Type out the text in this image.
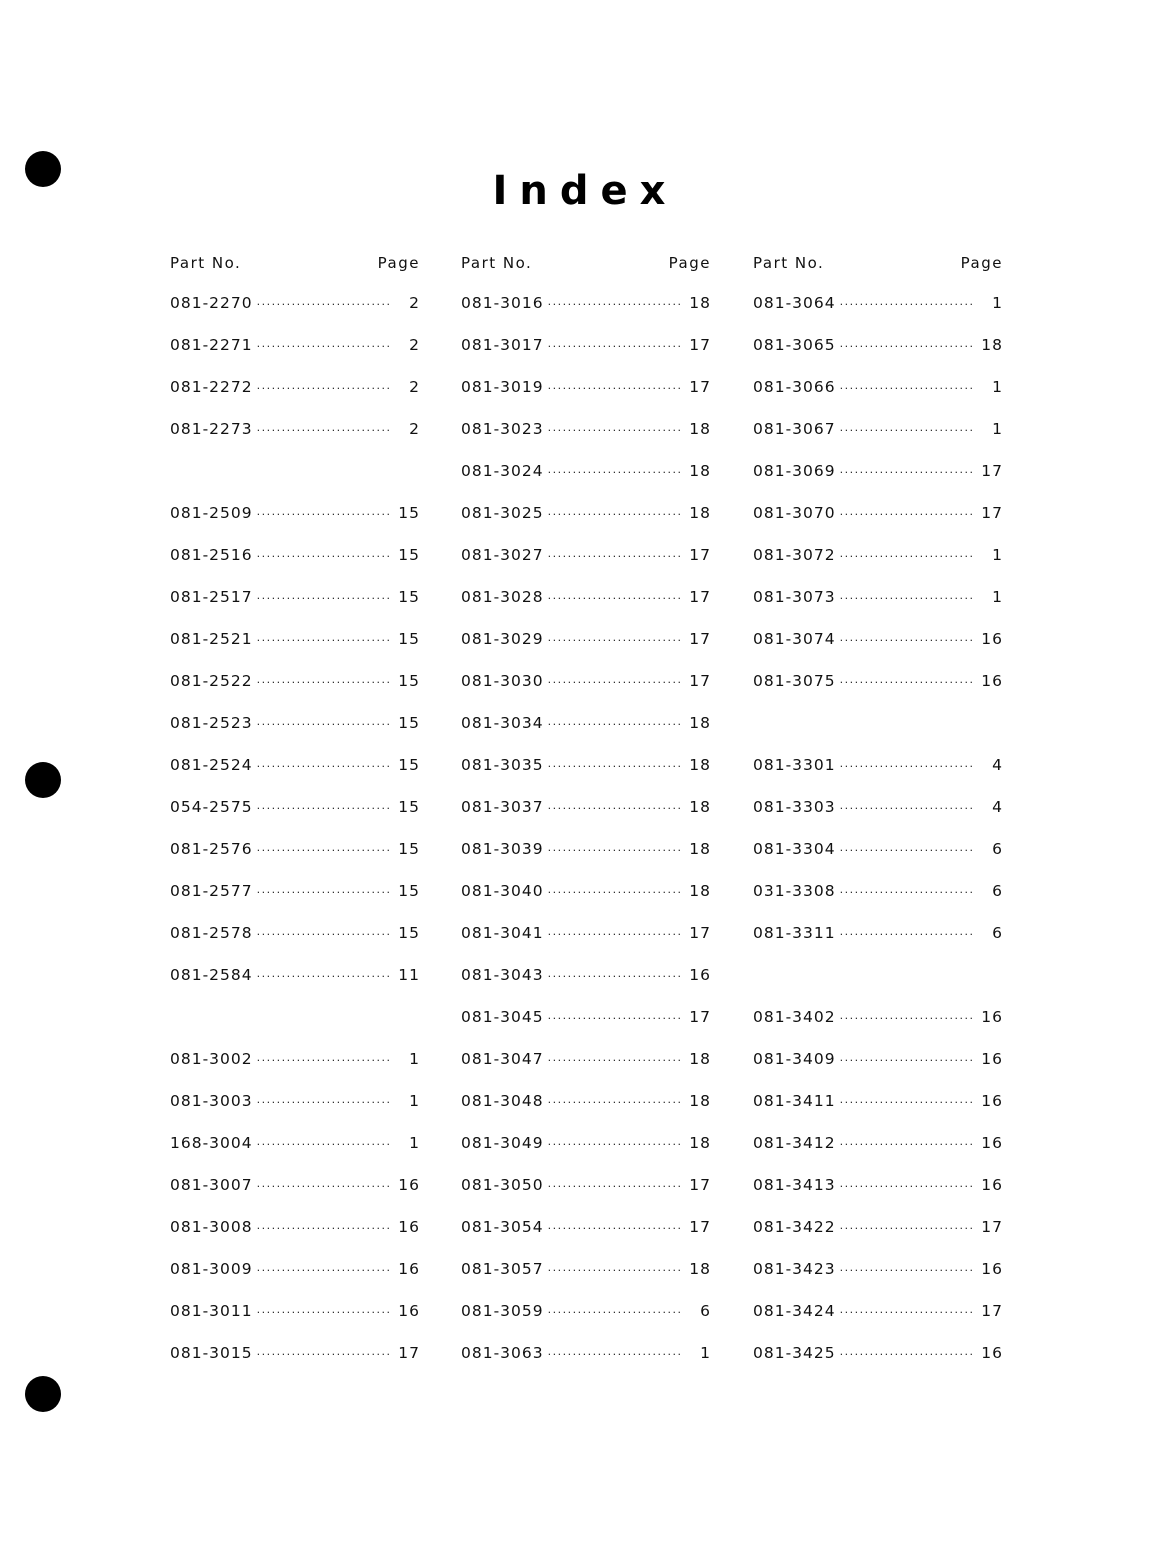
Index
Part No.	Page
081-2270 ·····	2
081-2271 ·····	2
081-2272 ·····	2
081-2273 ·····	2
081-2509 ·····	15
081-2516 ·····	15
081-2517 ·····	15
081-2521 ·····	15
081-2522 ·····	15
081-2523 ·····	15
081-2524 ·····	15
054-2575 ·····	15
081-2576 ·····	15
081-2577 ·····	15
081-2578 ·····	15
081-2584 ·····	11
081-3002 ·····	1
081-3003 ·····	1
168-3004 ·····	1
081-3007 ·····	16
081-3008 ·····	16
081-3009 ·····	16
081-3011 ·····	16
081-3015 ·····	17
Part No.	Page
081-3016 ·····	18
081-3017 ·····	17
081-3019 ·····	17
081-3023 ·····	18
081-3024 ·····	18
081-3025 ·····	18
081-3027 ·····	17
081-3028 ·····	17
081-3029 ·····	17
081-3030 ·····	17
081-3034 ·····	18
081-3035 ·····	18
081-3037 ·····	18
081-3039 ·····	18
081-3040 ·····	18
081-3041 ·····	17
081-3043 ·····	16
081-3045 ·····	17
081-3047 ·····	18
081-3048 ·····	18
081-3049 ·····	18
081-3050 ·····	17
081-3054 ·····	17
081-3057 ·····	18
081-3059 ·····	6
081-3063 ·····	1
Part No.	Page
081-3064 ·····	1
081-3065 ·····	18
081-3066 ·····	1
081-3067 ·····	1
081-3069 ·····	17
081-3070 ·····	17
081-3072 ·····	1
081-3073 ·····	1
081-3074 ·····	16
081-3075 ·····	16
081-3301 ·····	4
081-3303 ·····	4
081-3304 ·····	6
031-3308 ·····	6
081-3311 ·····	6
081-3402 ·····	16
081-3409 ·····	16
081-3411 ·····	16
081-3412 ·····	16
081-3413 ·····	16
081-3422 ·····	17
081-3423 ·····	16
081-3424 ·····	17
081-3425 ·····	16
